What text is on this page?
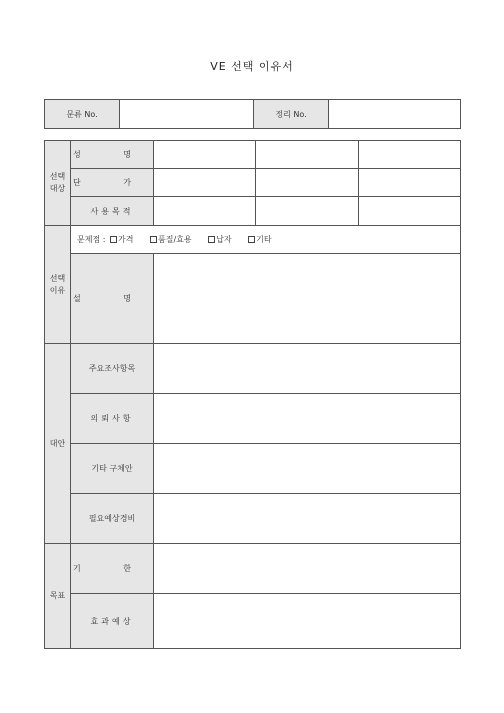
VE 선택 이유서
문류 No.		정리 No.	
선택
대상	성 명			
	단 가			
	사용목적			
선택
이유	문제점 : 가격 품질/효용 납자 기타			
	설 명			
대안	주요조사항목			
	의뢰사항			
	기타 구체안			
	필요예상경비			
목표	기 한			
	효과예상			
